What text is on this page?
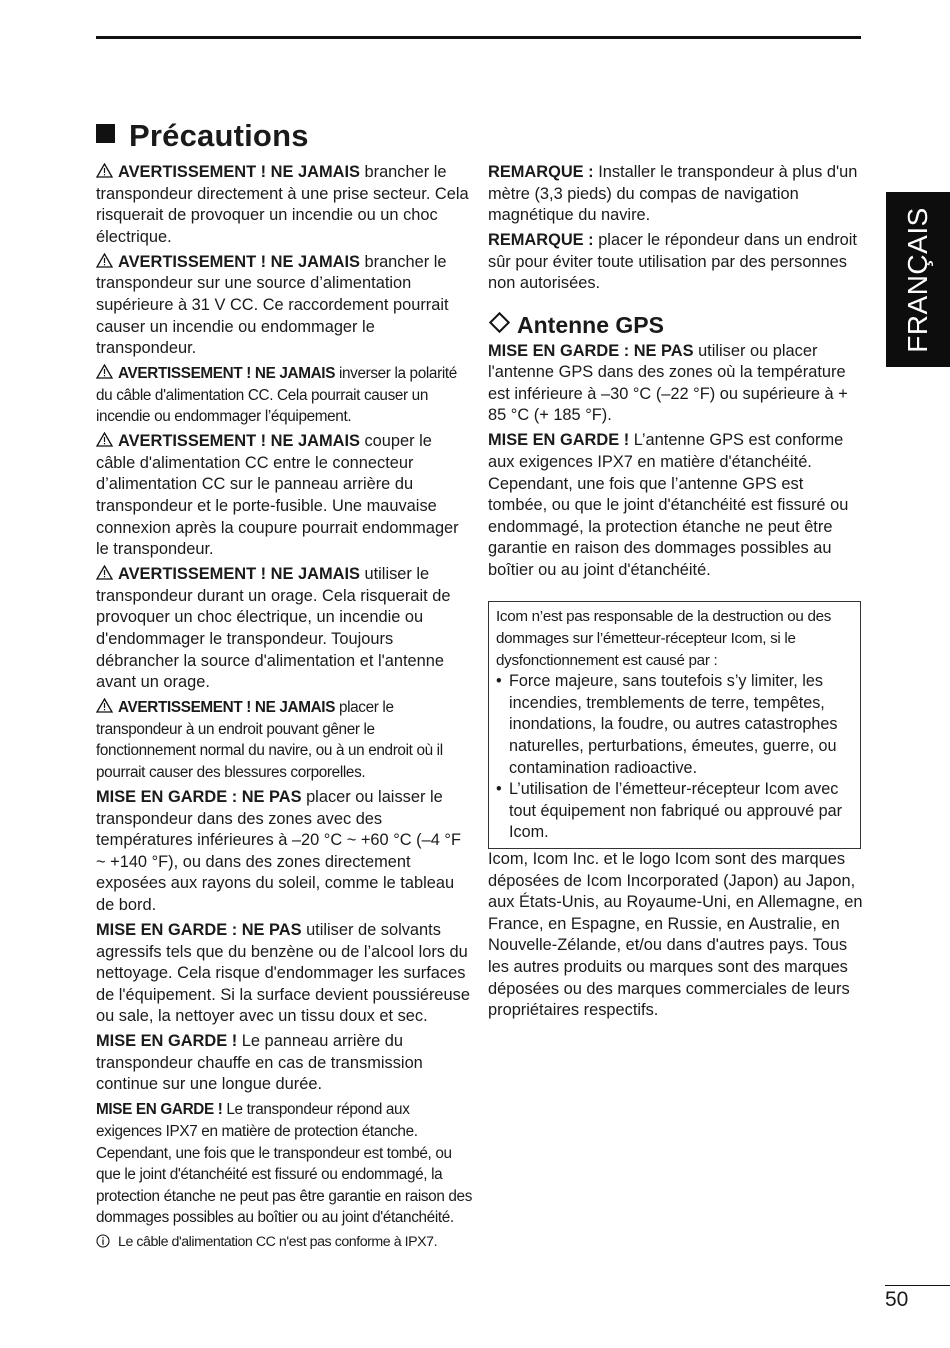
Précautions

AVERTISSEMENT ! NE JAMAIS brancher le transpondeur directement à une prise secteur. Cela risquerait de provoquer un incendie ou un choc électrique.

AVERTISSEMENT ! NE JAMAIS brancher le transpondeur sur une source d’alimentation supérieure à 31 V CC. Ce raccordement pourrait causer un incendie ou endommager le transpondeur.

AVERTISSEMENT ! NE JAMAIS inverser la polarité du câble d'alimentation CC. Cela pourrait causer un incendie ou endommager l’équipement.

AVERTISSEMENT ! NE JAMAIS couper le câble d'alimentation CC entre le connecteur d’alimentation CC sur le panneau arrière du transpondeur et le porte-fusible. Une mauvaise connexion après la coupure pourrait endommager le transpondeur.

AVERTISSEMENT ! NE JAMAIS utiliser le transpondeur durant un orage. Cela risquerait de provoquer un choc électrique, un incendie ou d'endommager le transpondeur. Toujours débrancher la source d'alimentation et l'antenne avant un orage.

AVERTISSEMENT ! NE JAMAIS placer le transpondeur à un endroit pouvant gêner le fonctionnement normal du navire, ou à un endroit où il pourrait causer des blessures corporelles.

MISE EN GARDE : NE PAS placer ou laisser le transpondeur dans des zones avec des températures inférieures à –20 °C ~ +60 °C (–4 °F ~ +140 °F), ou dans des zones directement exposées aux rayons du soleil, comme le tableau de bord.

MISE EN GARDE : NE PAS utiliser de solvants agressifs tels que du benzène ou de l’alcool lors du nettoyage. Cela risque d'endommager les surfaces de l'équipement. Si la surface devient poussiéreuse ou sale, la nettoyer avec un tissu doux et sec.

MISE EN GARDE ! Le panneau arrière du transpondeur chauffe en cas de transmission continue sur une longue durée.

MISE EN GARDE ! Le transpondeur répond aux exigences IPX7 en matière de protection étanche. Cependant, une fois que le transpondeur est tombé, ou que le joint d'étanchéité est fissuré ou endommagé, la protection étanche ne peut pas être garantie en raison des dommages possibles au boîtier ou au joint d'étanchéité.

Le câble d'alimentation CC n'est pas conforme à IPX7.

REMARQUE : Installer le transpondeur à plus d'un mètre (3,3 pieds) du compas de navigation magnétique du navire.

REMARQUE : placer le répondeur dans un endroit sûr pour éviter toute utilisation par des personnes non autorisées.

Antenne GPS

MISE EN GARDE : NE PAS utiliser ou placer l'antenne GPS dans des zones où la température est inférieure à –30 °C (–22 °F) ou supérieure à + 85 °C (+ 185 °F).

MISE EN GARDE ! L’antenne GPS est conforme aux exigences IPX7 en matière d'étanchéité. Cependant, une fois que l’antenne GPS est tombée, ou que le joint d'étanchéité est fissuré ou endommagé, la protection étanche ne peut être garantie en raison des dommages possibles au boîtier ou au joint d'étanchéité.

Icom n’est pas responsable de la destruction ou des dommages sur l’émetteur-récepteur Icom, si le dysfonctionnement est causé par :

• Force majeure, sans toutefois s’y limiter, les incendies, tremblements de terre, tempêtes, inondations, la foudre, ou autres catastrophes naturelles, perturbations, émeutes, guerre, ou contamination radioactive.
• L’utilisation de l’émetteur-récepteur Icom avec tout équipement non fabriqué ou approuvé par Icom.

Icom, Icom Inc. et le logo Icom sont des marques déposées de Icom Incorporated (Japon) au Japon, aux États-Unis, au Royaume-Uni, en Allemagne, en France, en Espagne, en Russie, en Australie, en Nouvelle-Zélande, et/ou dans d'autres pays. Tous les autres produits ou marques sont des marques déposées ou des marques commerciales de leurs propriétaires respectifs.

FRANÇAIS
50
